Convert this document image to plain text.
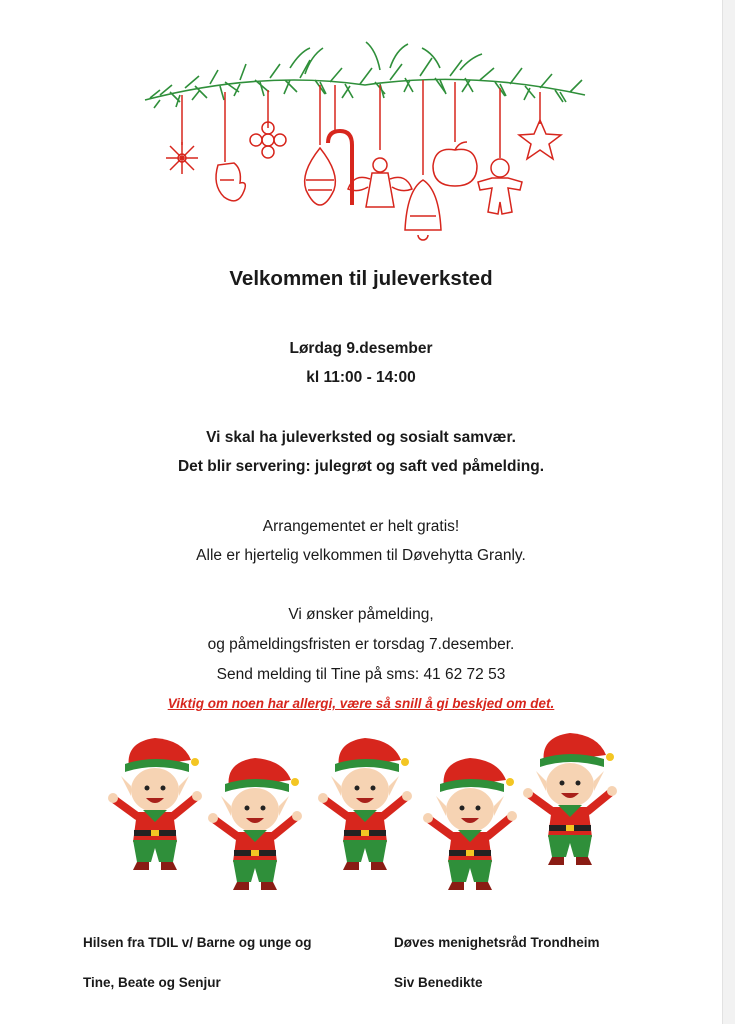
Velkommen til juleverksted
Lørdag 9.desember
kl 11:00 - 14:00
Vi skal ha juleverksted og sosialt samvær.
Det blir servering: julegrøt og saft ved påmelding.
Arrangementet er helt gratis!
Alle er hjertelig velkommen til Døvehytta Granly.
Vi ønsker påmelding,
og påmeldingsfristen er torsdag 7.desember.
Send melding til Tine på sms: 41 62 72 53
Viktig om noen har allergi, være så snill å gi beskjed om det.
Hilsen fra TDIL v/ Barne og unge og
Tine, Beate og Senjur
Døves menighetsråd Trondheim
Siv Benedikte
